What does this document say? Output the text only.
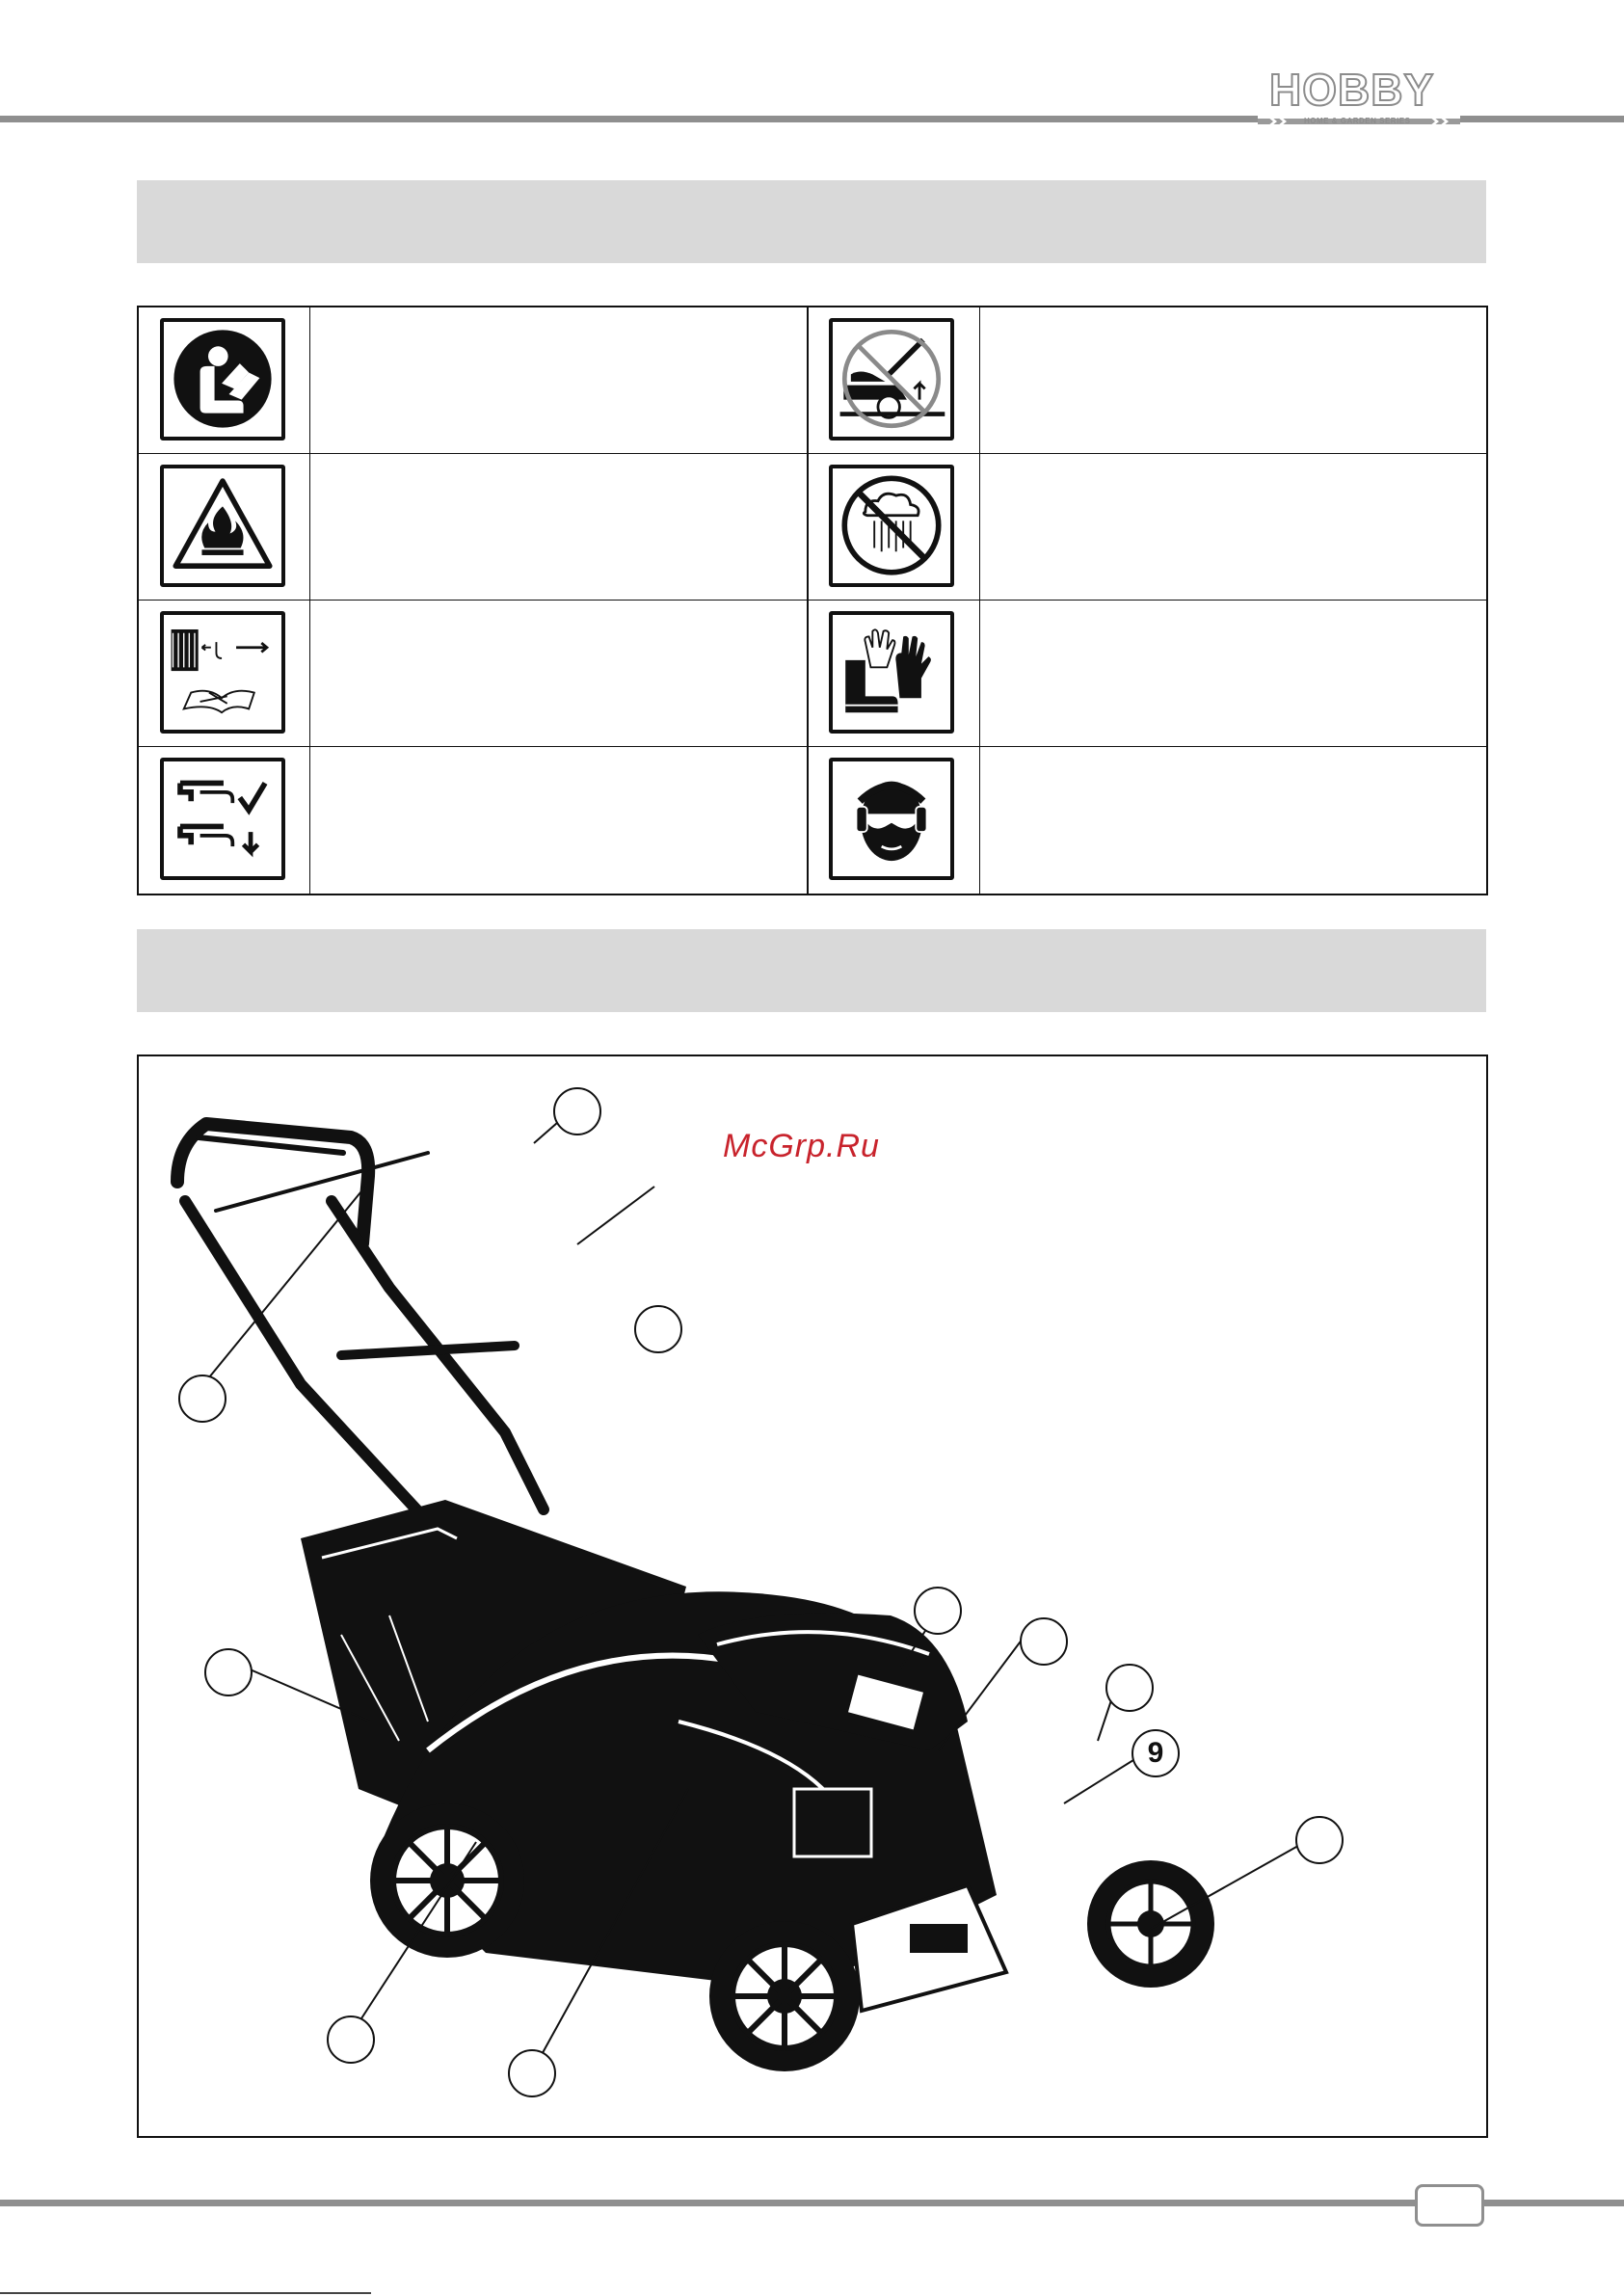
HOBBY
HOME & GARDEN SERIES
McGrp.Ru
9
